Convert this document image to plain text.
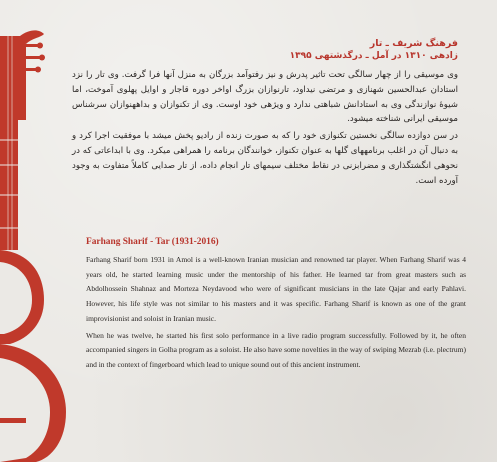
فرهنگ شریف ـ تار
زادهی ۱۳۱۰ در آمل ـ درگذشتهی ۱۳۹۵

وی موسیقی را از چهار سالگی تحت تاثیر پدرش و نیز رفتوآمد بزرگان به منزل آنها فرا گرفت. وی تار را نزد استادان عبدالحسین شهنازی و مرتضی نیداود، تارنوازان بزرگ اواخر دوره قاجار و اوایل پهلوی آموخت، اما شیوهٔ نوازندگی وی به استادانش شباهتی ندارد و ویژهی خود اوست. وی از تکنوازان و بداههنوازان سرشناس موسیقی ایرانی شناخته میشود.

در سن دوازده سالگی نخستین تکنوازی خود را که به صورت زنده از رادیو پخش میشد با موفقیت اجرا کرد و به دنبال آن در اغلب برنامههای گلها به عنوان تکنواز، خوانندگان برنامه را همراهی میکرد. وی با ابداعاتی که در نحوهی انگشتگذاری و مضرابزنی در نقاط مختلف سیمهای تار انجام داده، از تار صدایی کاملاً متفاوت به وجود آورده است.

Farhang Sharif - Tar (1931-2016)

Farhang Sharif born 1931 in Amol is a well-known Iranian musician and renowned tar player. When Farhang Sharif was 4 years old, he started learning music under the mentorship of his father. He learned tar from great masters such as Abdolhossein Shahnaz and Morteza Neydavood who were of significant musicians in the late Qajar and early Pahlavi. However, his life style was not similar to his masters and it was specific. Farhang Sharif is known as one of the grant improvisionist and soloist in Iranian music.

When he was twelve, he started his first solo performance in a live radio program successfully. Followed by it, he often accompanied singers in Golha program as a soloist. He also have some novelties in the way of swiping Mezrab (i.e. plectrum) and in the context of fingerboard which lead to unique sound out of this ancient instrument.
